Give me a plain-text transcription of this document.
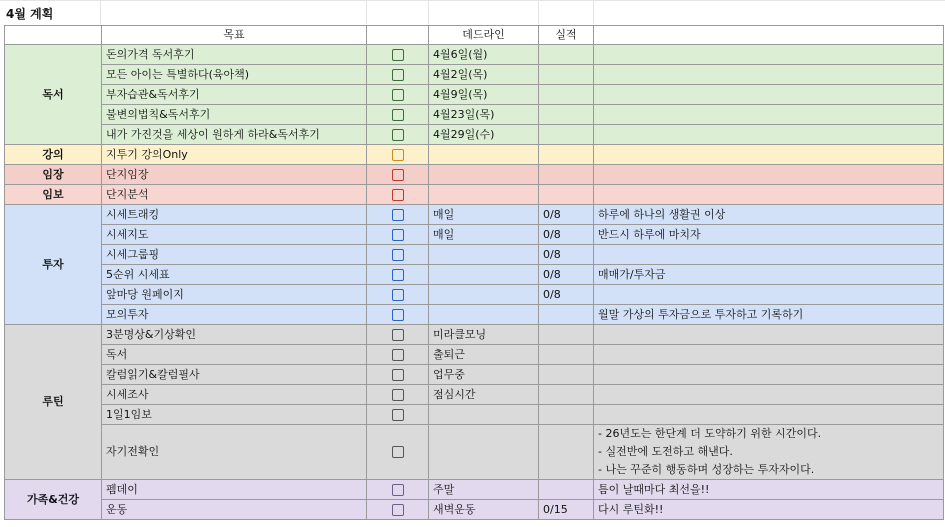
4월 계획
	목표		데드라인	실적	
독서	돈의가격 독서후기		4월6일(월)		
	모든 아이는 특별하다(육아책)		4월2일(목)		
	부자습관&독서후기		4월9일(목)		
	불변의법칙&독서후기		4월23일(목)		
	내가 가진것을 세상이 원하게 하라&독서후기		4월29일(수)		
강의	지투기 강의Only				
임장	단지임장				
임보	단지분석				
투자	시세트래킹		매일	0/8	하루에 하나의 생활권 이상
	시세지도		매일	0/8	반드시 하루에 마치자
	시세그룹핑			0/8	
	5순위 시세표			0/8	매매가/투자금
	앞마당 원페이지			0/8	
	모의투자				월말 가상의 투자금으로 투자하고 기록하기
루틴	3분명상&기상확인		미라클모닝		
	독서		출퇴근		
	칼럼읽기&칼럼필사		업무중		
	시세조사		점심시간		
	1일1임보				
	자기전확인				- 26년도는 한단계 더 도약하기 위한 시간이다.
- 실전반에 도전하고 해낸다.
- 나는 꾸준히 행동하며 성장하는 투자자이다.

가족&건강	펨데이		주말		틈이 날때마다 최선을!!
	운동		새벽운동	0/15	다시 루틴화!!
